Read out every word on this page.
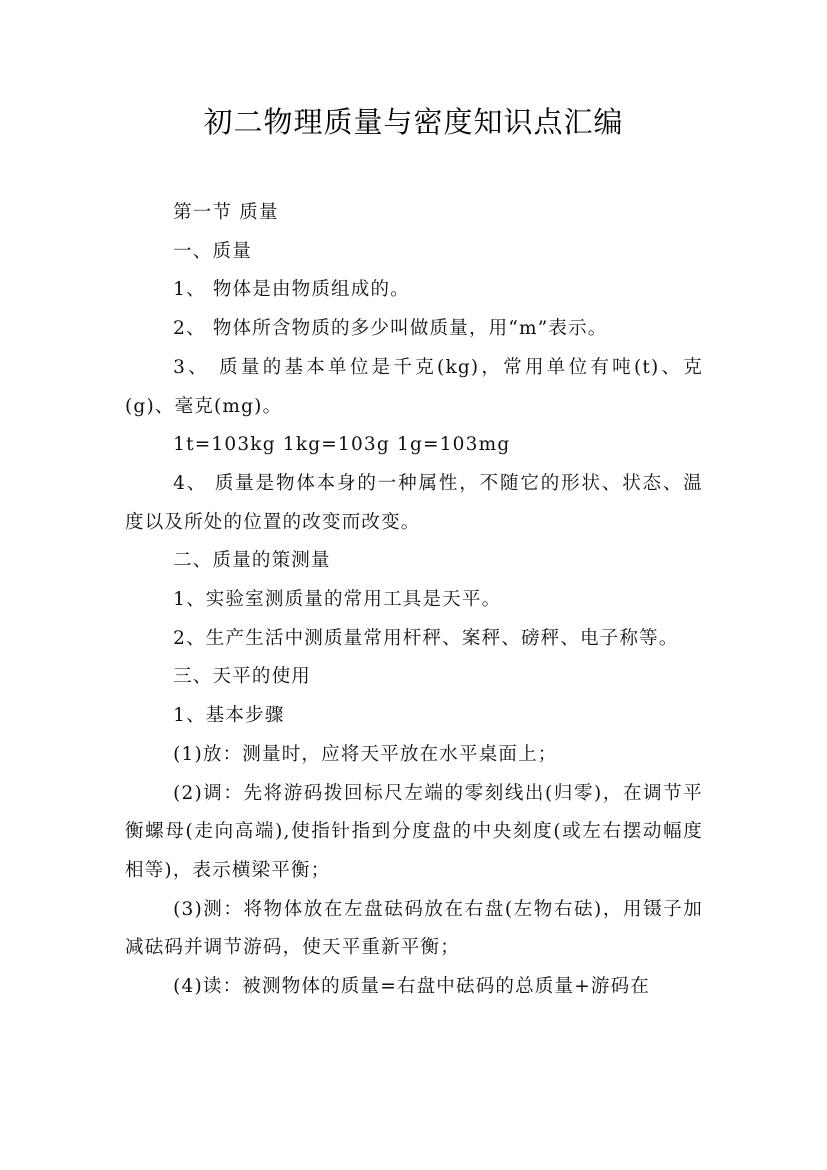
初二物理质量与密度知识点汇编

第一节 质量

一、质量

1、 物体是由物质组成的。

2、 物体所含物质的多少叫做质量，用“m”表示。

3、 质量的基本单位是千克(kg)，常用单位有吨(t)、克(g)、毫克(mg)。

1t=103kg 1kg=103g 1g=103mg

4、 质量是物体本身的一种属性，不随它的形状、状态、温度以及所处的位置的改变而改变。

二、质量的策测量

1、实验室测质量的常用工具是天平。

2、生产生活中测质量常用杆秤、案秤、磅秤、电子称等。

三、天平的使用

1、基本步骤

(1)放：测量时，应将天平放在水平桌面上；

(2)调：先将游码拨回标尺左端的零刻线出(归零)，在调节平衡螺母(走向高端),使指针指到分度盘的中央刻度(或左右摆动幅度相等)，表示横梁平衡；

(3)测：将物体放在左盘砝码放在右盘(左物右砝)，用镊子加减砝码并调节游码，使天平重新平衡；

(4)读：被测物体的质量=右盘中砝码的总质量+游码在
